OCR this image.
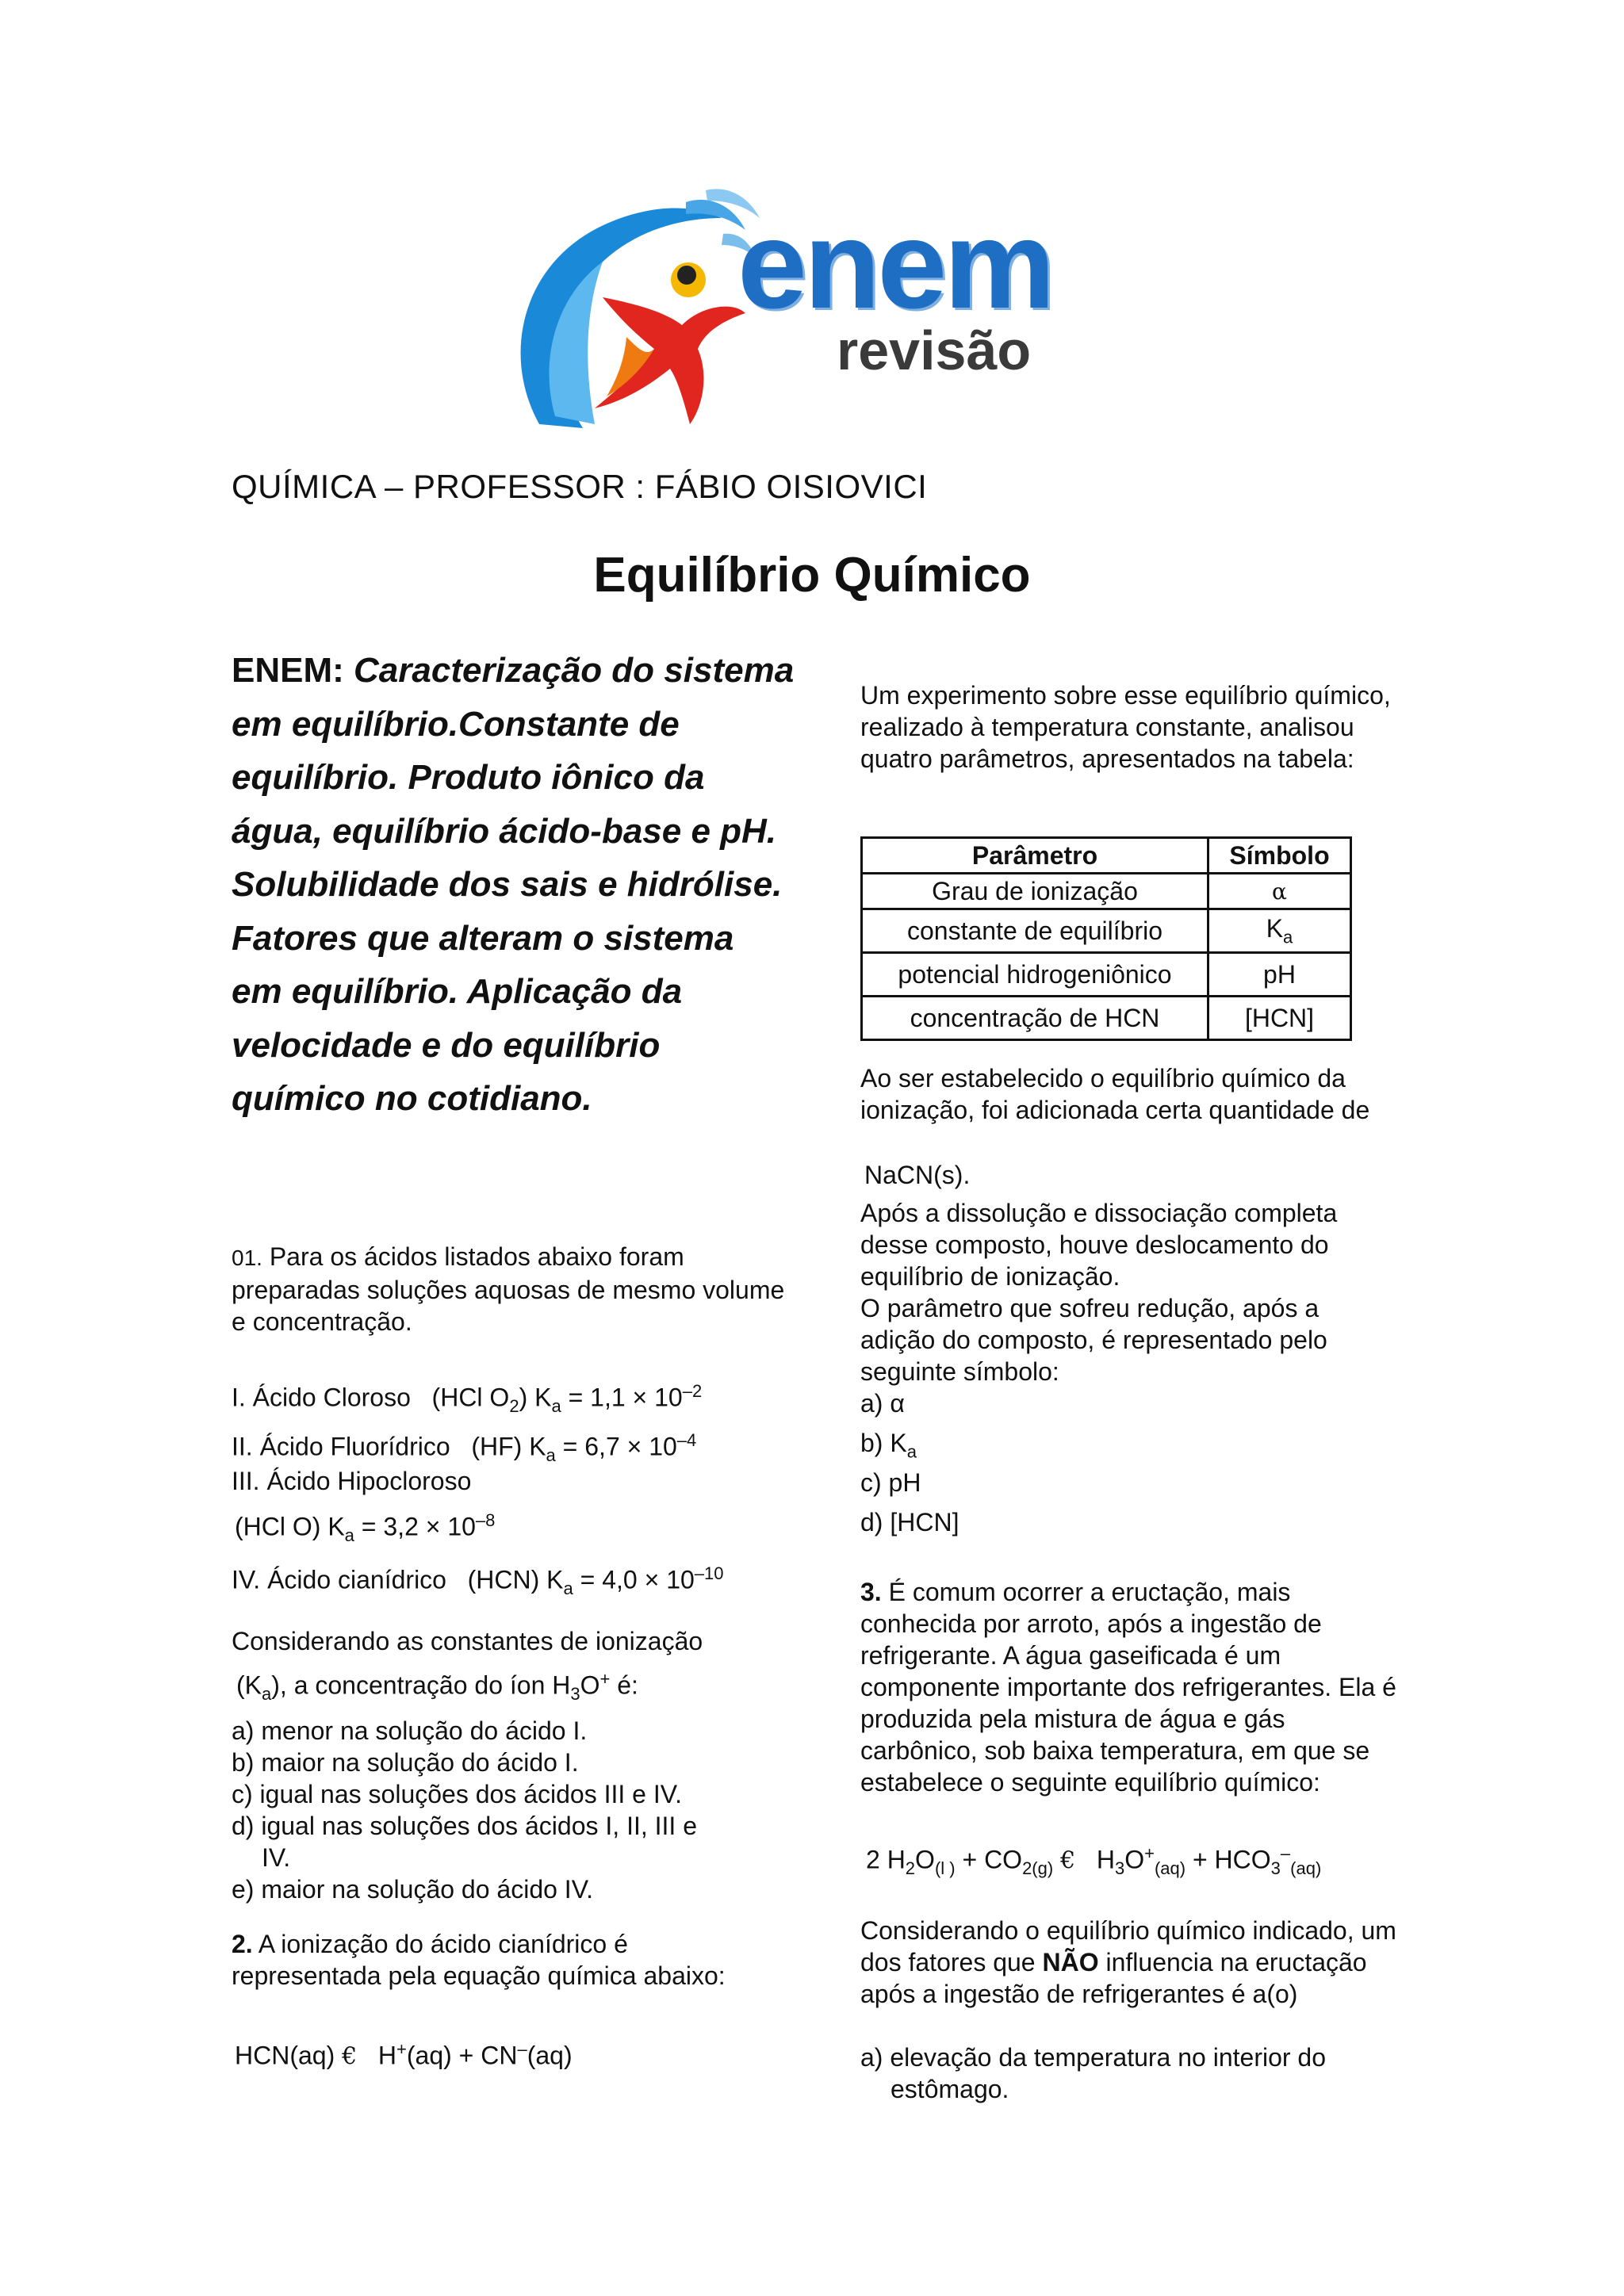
enem
revisão
QUÍMICA – PROFESSOR : FÁBIO OISIOVICI
Equilíbrio Químico
ENEM: Caracterização do sistema
em equilíbrio.Constante de
equilíbrio. Produto iônico da
água, equilíbrio ácido-base e pH.
Solubilidade dos sais e hidrólise.
Fatores que alteram o sistema
em equilíbrio. Aplicação da
velocidade e do equilíbrio
químico no cotidiano.
01. Para os ácidos listados abaixo foram preparadas soluções aquosas de mesmo volume e concentração.
I. Ácido Cloroso (HCl $O_2$) $K_a = 1,1 \times 10^{-2}$
II. Ácido Fluorídrico (HF) $K_a = 6,7 \times 10^{-4}$
III. Ácido Hipocloroso
(HCl O) $K_a = 3,2 \times 10^{-8}$
IV. Ácido cianídrico (HCN) $K_a = 4,0 \times 10^{-10}$
Considerando as constantes de ionização
$(K_a)$, a concentração do íon $H_3O^+$ é:
a) menor na solução do ácido I.
b) maior na solução do ácido I.
c) igual nas soluções dos ácidos III e IV.
d) igual nas soluções dos ácidos I, II, III e
IV.
e) maior na solução do ácido IV.
2. A ionização do ácido cianídrico é
representada pela equação química abaixo:
HCN(aq) € H+(aq) + CN–(aq)
Um experimento sobre esse equilíbrio químico, realizado à temperatura constante, analisou quatro parâmetros, apresentados na tabela:
Parâmetro	Símbolo
Grau de ionização	α
constante de equilíbrio	$K_a$
potencial hidrogeniônico	pH
concentração de HCN	[HCN]
Ao ser estabelecido o equilíbrio químico da ionização, foi adicionada certa quantidade de
NaCN(s).
Após a dissolução e dissociação completa desse composto, houve deslocamento do equilíbrio de ionização.
O parâmetro que sofreu redução, após a adição do composto, é representado pelo seguinte símbolo:
a) α
b) $K_a$
c) pH
d) [HCN]
3. É comum ocorrer a eructação, mais conhecida por arroto, após a ingestão de refrigerante. A água gaseificada é um componente importante dos refrigerantes. Ela é produzida pela mistura de água e gás carbônico, sob baixa temperatura, em que se estabelece o seguinte equilíbrio químico:
2 $H_2O_{(l )} + CO_{2(g)}$ € $H_3O^+_{(aq)} + HCO_3^-_{(aq)}$
Considerando o equilíbrio químico indicado, um dos fatores que NÃO influencia na eructação após a ingestão de refrigerantes é a(o)
a) elevação da temperatura no interior do
estômago.
